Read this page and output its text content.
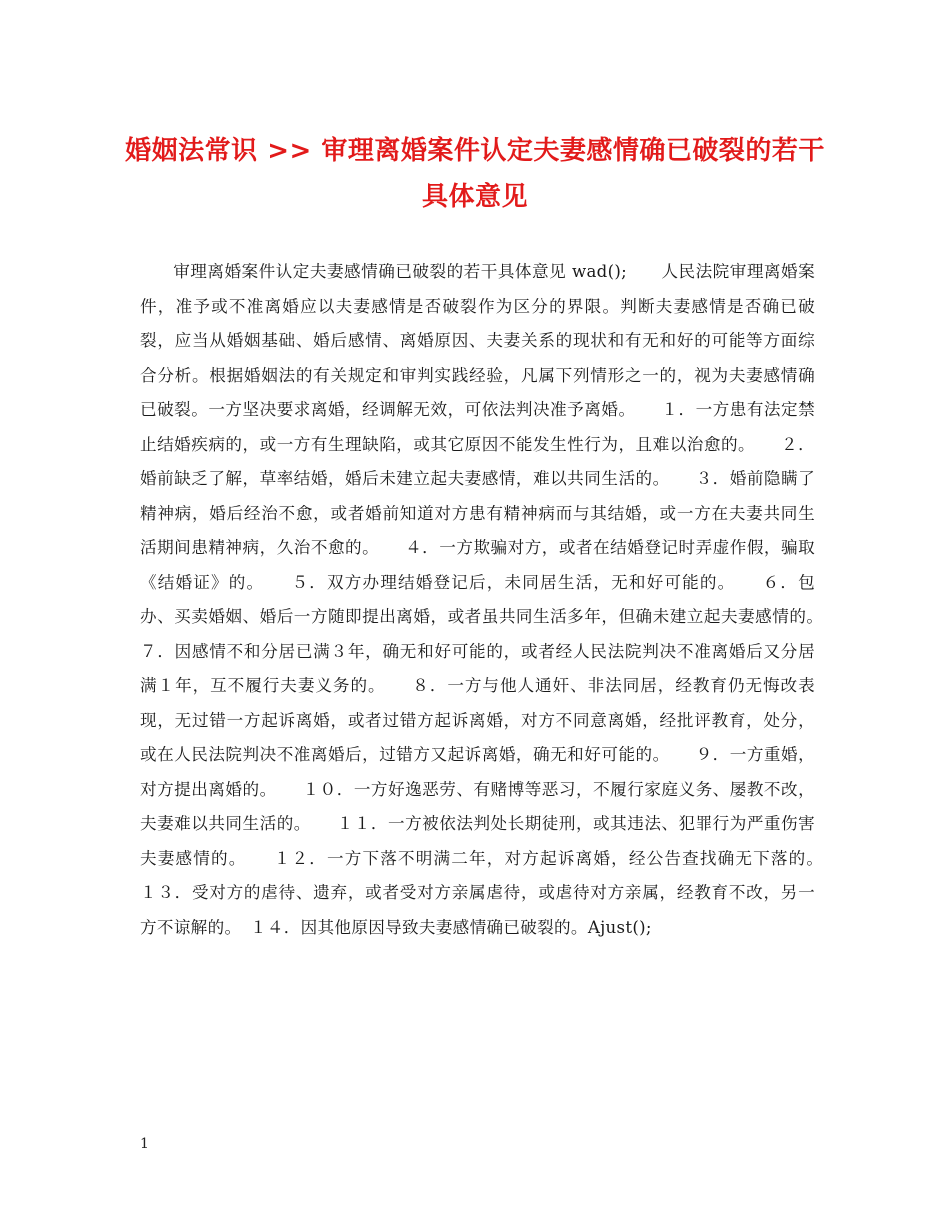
婚姻法常识 >> 审理离婚案件认定夫妻感情确已破裂的若干具体意见

审理离婚案件认定夫妻感情确已破裂的若干具体意见 wad();　　人民法院审理离婚案件，准予或不准离婚应以夫妻感情是否破裂作为区分的界限。判断夫妻感情是否确已破裂，应当从婚姻基础、婚后感情、离婚原因、夫妻关系的现状和有无和好的可能等方面综合分析。根据婚姻法的有关规定和审判实践经验，凡属下列情形之一的，视为夫妻感情确已破裂。一方坚决要求离婚，经调解无效，可依法判决准予离婚。　　１．一方患有法定禁止结婚疾病的，或一方有生理缺陷，或其它原因不能发生性行为，且难以治愈的。　　２．婚前缺乏了解，草率结婚，婚后未建立起夫妻感情，难以共同生活的。　　３．婚前隐瞒了精神病，婚后经治不愈，或者婚前知道对方患有精神病而与其结婚，或一方在夫妻共同生活期间患精神病，久治不愈的。　　４．一方欺骗对方，或者在结婚登记时弄虚作假，骗取《结婚证》的。　　５．双方办理结婚登记后，未同居生活，无和好可能的。　　６．包办、买卖婚姻、婚后一方随即提出离婚，或者虽共同生活多年，但确未建立起夫妻感情的。　７．因感情不和分居已满３年，确无和好可能的，或者经人民法院判决不准离婚后又分居满１年，互不履行夫妻义务的。　　８．一方与他人通奸、非法同居，经教育仍无悔改表现，无过错一方起诉离婚，或者过错方起诉离婚，对方不同意离婚，经批评教育，处分，或在人民法院判决不准离婚后，过错方又起诉离婚，确无和好可能的。　　９．一方重婚，对方提出离婚的。　　１０．一方好逸恶劳、有赌博等恶习，不履行家庭义务、屡教不改，夫妻难以共同生活的。　　１１．一方被依法判处长期徒刑，或其违法、犯罪行为严重伤害夫妻感情的。　　１２．一方下落不明满二年，对方起诉离婚，经公告查找确无下落的。　　１３．受对方的虐待、遗弃，或者受对方亲属虐待，或虐待对方亲属，经教育不改，另一方不谅解的。　１４．因其他原因导致夫妻感情确已破裂的。Ajust();

1
